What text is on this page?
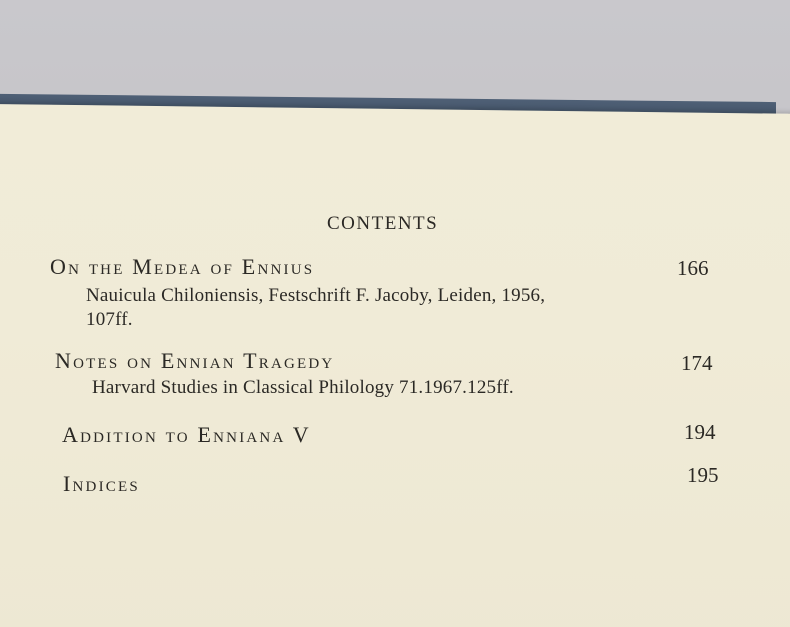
CONTENTS
On the Medea of Ennius	166
Nauicula Chiloniensis, Festschrift F. Jacoby, Leiden, 1956,
107ff.
Notes on Ennian Tragedy	174
Harvard Studies in Classical Philology 71.1967.125ff.
Addition to Enniana V	194
Indices	195
